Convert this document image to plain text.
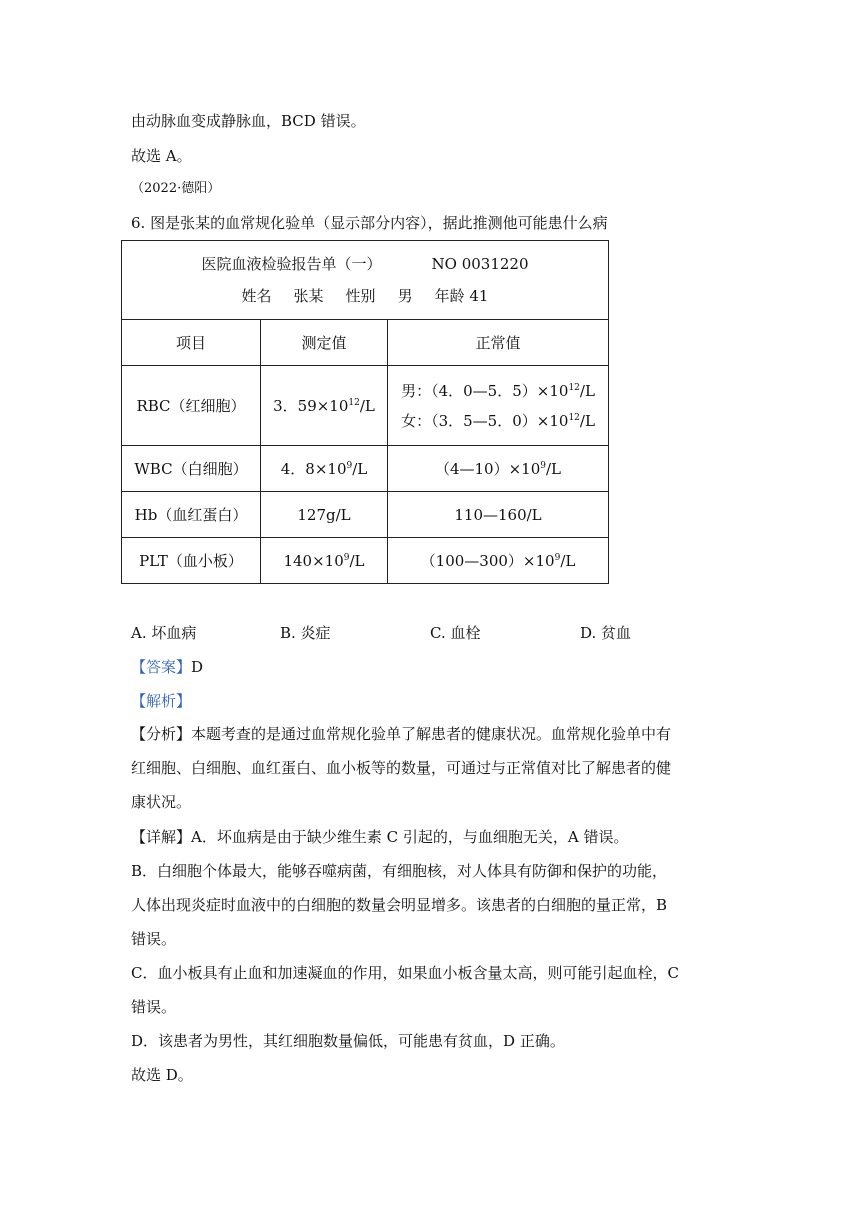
由动脉血变成静脉血，BCD 错误。
故选 A。
（2022·德阳）
6. 图是张某的血常规化验单（显示部分内容），据此推测他可能患什么病
医院血液检验报告单（一） NO 0031220
姓名 张某 性别 男 年龄 41		

项目	测定值	正常值
RBC（红细胞）	3．$59\times 10^{12}/L$	男：（4．0—5．$5)\times 10^{12}/L$
女：（3．5—5．$0)\times 10^{12}/L$

WBC（白细胞）	4．$8\times 10^9/L$	$(4—10)\times 10^9/L$
Hb（血红蛋白）	127g/L	110—160/L
PLT（血小板）	$140\times 10^9/L$	$(100—300)\times 10^9/L$
A. 坏血病	B. 炎症	C. 血栓	D. 贫血
【答案】D
【解析】
【分析】本题考查的是通过血常规化验单了解患者的健康状况。血常规化验单中有
红细胞、白细胞、血红蛋白、血小板等的数量，可通过与正常值对比了解患者的健
康状况。
【详解】A．坏血病是由于缺少维生素 C 引起的，与血细胞无关，A 错误。
B．白细胞个体最大，能够吞噬病菌，有细胞核，对人体具有防御和保护的功能，
人体出现炎症时血液中的白细胞的数量会明显增多。该患者的白细胞的量正常，B
错误。
C．血小板具有止血和加速凝血的作用，如果血小板含量太高，则可能引起血栓，C
错误。
D．该患者为男性，其红细胞数量偏低，可能患有贫血，D 正确。
故选 D。
